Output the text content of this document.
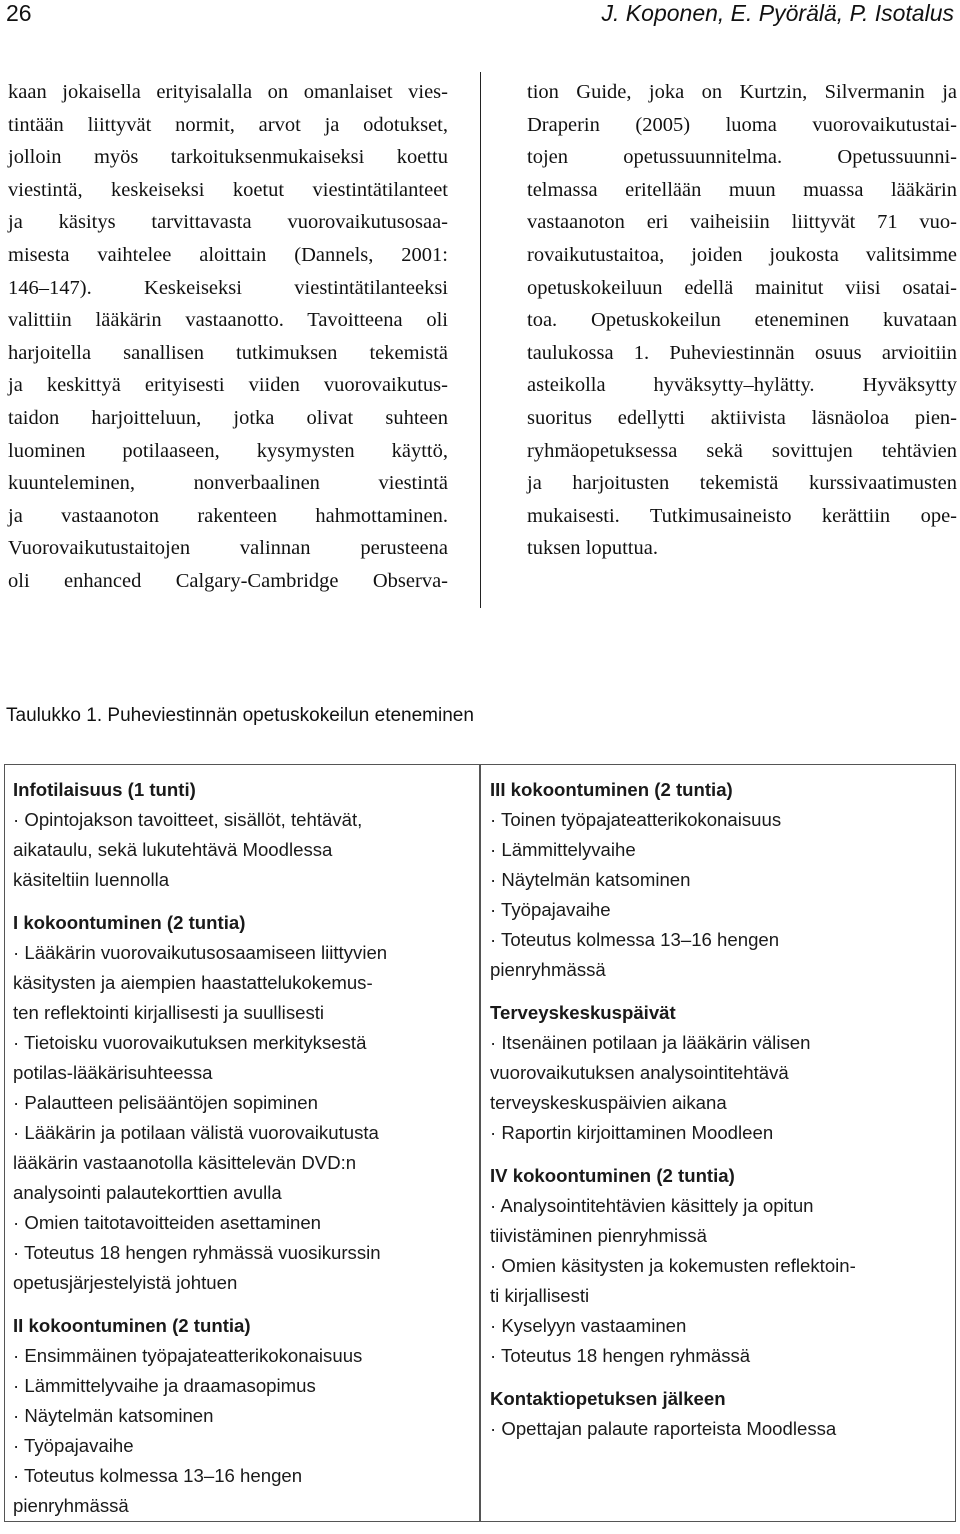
26	J. Koponen, E. Pyörälä, P. Isotalus
kaan jokaisella erityisalalla on omanlaiset vies-
tintään liittyvät normit, arvot ja odotukset,
jolloin myös tarkoituksenmukaiseksi koettu
viestintä, keskeiseksi koetut viestintätilanteet
ja käsitys tarvittavasta vuorovaikutusosaa-
misesta vaihtelee aloittain (Dannels, 2001:
146–147). Keskeiseksi viestintätilanteeksi
valittiin lääkärin vastaanotto. Tavoitteena oli
harjoitella sanallisen tutkimuksen tekemistä
ja keskittyä erityisesti viiden vuorovaikutus-
taidon harjoitteluun, jotka olivat suhteen
luominen potilaaseen, kysymysten käyttö,
kuunteleminen, nonverbaalinen viestintä
ja vastaanoton rakenteen hahmottaminen.
Vuorovaikutustaitojen valinnan perusteena
oli enhanced Calgary-Cambridge Observa-
tion Guide, joka on Kurtzin, Silvermanin ja
Draperin (2005) luoma vuorovaikutustai-
tojen opetussuunnitelma. Opetussuunni-
telmassa eritellään muun muassa lääkärin
vastaanoton eri vaiheisiin liittyvät 71 vuo-
rovaikutustaitoa, joiden joukosta valitsimme
opetuskokeiluun edellä mainitut viisi osatai-
toa. Opetuskokeilun eteneminen kuvataan
taulukossa 1. Puheviestinnän osuus arvioitiin
asteikolla hyväksytty–hylätty. Hyväksytty
suoritus edellytti aktiivista läsnäoloa pien-
ryhmäopetuksessa sekä sovittujen tehtävien
ja harjoitusten tekemistä kurssivaatimusten
mukaisesti. Tutkimusaineisto kerättiin ope-
tuksen loputtua.
Taulukko 1. Puheviestinnän opetuskokeilun eteneminen
Infotilaisuus (1 tunti)
· Opintojakson tavoitteet, sisällöt, tehtävät,
aikataulu, sekä lukutehtävä Moodlessa
käsiteltiin luennolla
I kokoontuminen (2 tuntia)
· Lääkärin vuorovaikutusosaamiseen liittyvien
käsitysten ja aiempien haastattelukokemus-
ten reflektointi kirjallisesti ja suullisesti
· Tietoisku vuorovaikutuksen merkityksestä
potilas-lääkärisuhteessa
· Palautteen pelisääntöjen sopiminen
· Lääkärin ja potilaan välistä vuorovaikutusta
lääkärin vastaanotolla käsittelevän DVD:n
analysointi palautekorttien avulla
· Omien taitotavoitteiden asettaminen
· Toteutus 18 hengen ryhmässä vuosikurssin
opetusjärjestelyistä johtuen
II kokoontuminen (2 tuntia)
· Ensimmäinen työpajateatterikokonaisuus
· Lämmittelyvaihe ja draamasopimus
· Näytelmän katsominen
· Työpajavaihe
· Toteutus kolmessa 13–16 hengen
pienryhmässä
III kokoontuminen (2 tuntia)
· Toinen työpajateatterikokonaisuus
· Lämmittelyvaihe
· Näytelmän katsominen
· Työpajavaihe
· Toteutus kolmessa 13–16 hengen
pienryhmässä
Terveyskeskuspäivät
· Itsenäinen potilaan ja lääkärin välisen
vuorovaikutuksen analysointitehtävä
terveyskeskuspäivien aikana
· Raportin kirjoittaminen Moodleen
IV kokoontuminen (2 tuntia)
· Analysointitehtävien käsittely ja opitun
tiivistäminen pienryhmissä
· Omien käsitysten ja kokemusten reflektoin-
ti kirjallisesti
· Kyselyyn vastaaminen
· Toteutus 18 hengen ryhmässä
Kontaktiopetuksen jälkeen
· Opettajan palaute raporteista Moodlessa
